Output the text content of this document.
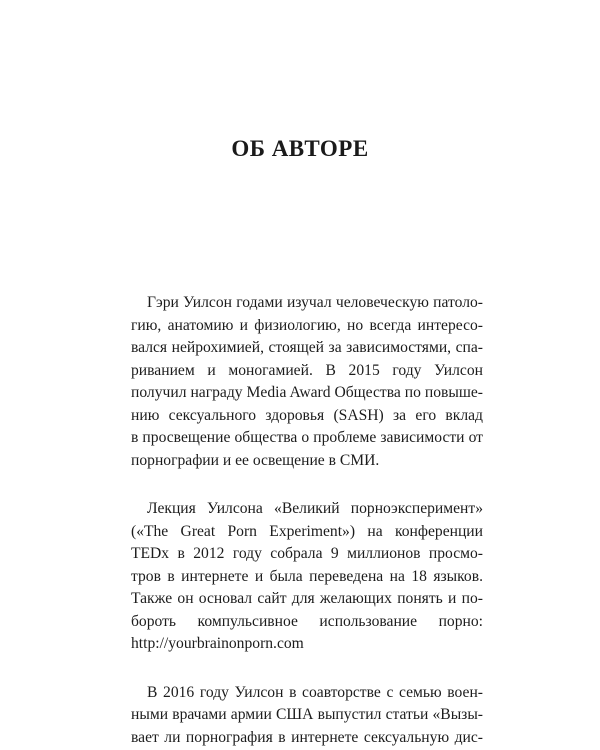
ОБ АВТОРЕ

Гэри Уилсон годами изучал человеческую патоло-
гию, анатомию и физиологию, но всегда интересо-
вался нейрохимией, стоящей за зависимостями, спа-
риванием и моногамией. В 2015 году Уилсон
получил награду Media Award Общества по повыше-
нию сексуального здоровья (SASH) за его вклад
в просвещение общества о проблеме зависимости от
порнографии и ее освещение в СМИ.

Лекция Уилсона «Великий порноэксперимент»
(«The Great Porn Experiment») на конференции
TEDx в 2012 году собрала 9 миллионов просмо-
тров в интернете и была переведена на 18 языков.
Также он основал сайт для желающих понять и по-
бороть компульсивное использование порно:
http://yourbrainonporn.com

В 2016 году Уилсон в соавторстве с семью воен-
ными врачами армии США выпустил статьи «Вызы-
вает ли порнография в интернете сексуальную дис-
